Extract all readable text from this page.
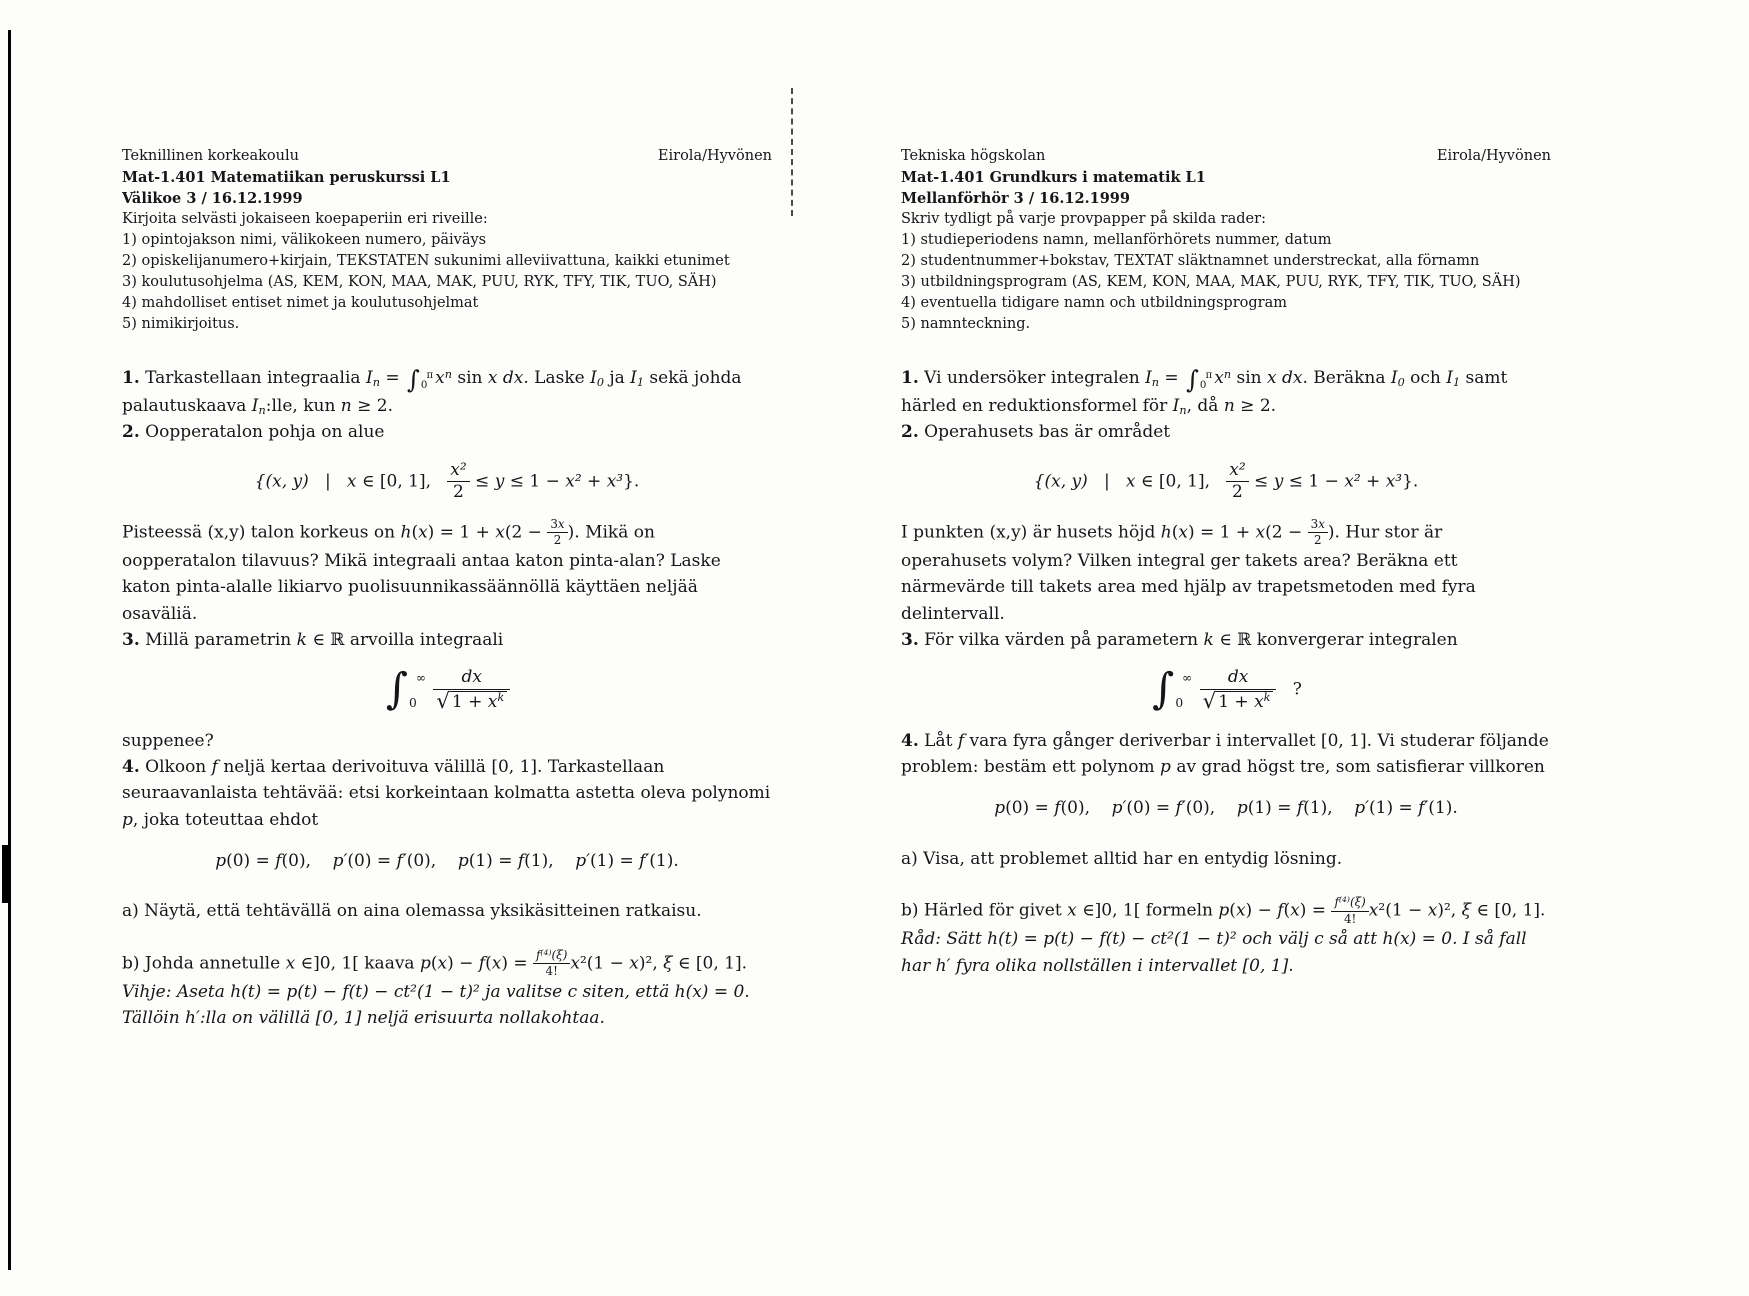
Teknillinen korkeakoulu	Eirola/Hyvönen
Mat-1.401 Matematiikan peruskurssi L1
Välikoe 3 / 16.12.1999
Kirjoita selvästi jokaiseen koepaperiin eri riveille:
1) opintojakson nimi, välikokeen numero, päiväys
2) opiskelijanumero+kirjain, TEKSTATEN sukunimi alleviivattuna, kaikki etunimet
3) koulutusohjelma (AS, KEM, KON, MAA, MAK, PUU, RYK, TFY, TIK, TUO, SÄH)
4) mahdolliset entiset nimet ja koulutusohjelmat
5) nimikirjoitus.

1. Tarkastellaan integraalia $I_n$ = ∫ π
0 $x^n$ sin x dx. Laske $I_0$ ja $I_1$ sekä johda palautuskaava $I_n:lle$, kun n ≥ 2.

2. Oopperatalon pohja on alue

{(x, y)   |   x ∈ [0, 1], $\frac{\text{x²}}{2} \le y \le 1 - x^2 + x^3$}.

Pisteessä (x,y) talon korkeus on $h(x) = 1 + x(2 - \frac{3x}{2}$ ). Mikä on oopperatalon tilavuus? Mikä integraali antaa katon pinta-alan? Laske katon pinta-alalle likiarvo puolisuunnikassäännöllä käyttäen neljää osaväliä.

3. Millä parametrin k ∈ ℝ arvoilla integraali

∫ ∞
0
$\frac{dx}{√ 1 + x^k}$

suppenee?

4. Olkoon f neljä kertaa derivoituva välillä [0, 1]. Tarkastellaan seuraavanlaista tehtävää: etsi korkeintaan kolmatta astetta oleva polynomi p, joka toteuttaa ehdot

p(0) = f(0),    p′(0) = f′(0),    p(1) = f(1),    p′(1) = f′(1).

a) Näytä, että tehtävällä on aina olemassa yksikäsitteinen ratkaisu.

b) Johda annetulle x ∈]0, 1[ kaava $p(x) - f(x) = \frac{f^{(4)}(\xi)}{4!} x^2(1 - x)^2$, ξ ∈ [0, 1]. Vihje: Aseta h(t) = p(t) − f(t) − ct²(1 − t)² ja valitse c siten, että h(x) = 0. Tällöin h′:lla on välillä [0, 1] neljä erisuurta nollakohtaa.

Tekniska högskolan	Eirola/Hyvönen
Mat-1.401 Grundkurs i matematik L1
Mellanförhör 3 / 16.12.1999
Skriv tydligt på varje provpapper på skilda rader:
1) studieperiodens namn, mellanförhörets nummer, datum
2) studentnummer+bokstav, TEXTAT släktnamnet understreckat, alla förnamn
3) utbildningsprogram (AS, KEM, KON, MAA, MAK, PUU, RYK, TFY, TIK, TUO, SÄH)
4) eventuella tidigare namn och utbildningsprogram
5) namnteckning.

1. Vi undersöker integralen $I_n$ = ∫ π
0 $x^n$ sin x dx. Beräkna $I_0$ och $I_1$ samt härled en reduktionsformel för $I_n$, då n ≥ 2.

2. Operahusets bas är området

{(x, y)   |   x ∈ [0, 1], $\frac{\text{x²}}{2} \le y \le 1 - x^2 + x^3$}.

I punkten (x,y) är husets höjd $h(x) = 1 + x(2 - \frac{3x}{2}$ ). Hur stor är operahusets volym? Vilken integral ger takets area? Beräkna ett närmevärde till takets area med hjälp av trapetsmetoden med fyra delintervall.

3. För vilka värden på parametern k ∈ ℝ konvergerar integralen

∫ ∞
0
$\frac{dx}{√ 1 + x^k}$ ?

4. Låt f vara fyra gånger deriverbar i intervallet [0, 1]. Vi studerar följande problem: bestäm ett polynom p av grad högst tre, som satisfierar villkoren

p(0) = f(0),    p′(0) = f′(0),    p(1) = f(1),    p′(1) = f′(1).

a) Visa, att problemet alltid har en entydig lösning.

b) Härled för givet x ∈]0, 1[ formeln $p(x) - f(x) = \frac{f^{(4)}(\xi)}{4!} x^2(1 - x)^2$, ξ ∈ [0, 1]. Råd: Sätt h(t) = p(t) − f(t) − ct²(1 − t)² och välj c så att h(x) = 0. I så fall har h′ fyra olika nollställen i intervallet [0, 1].
